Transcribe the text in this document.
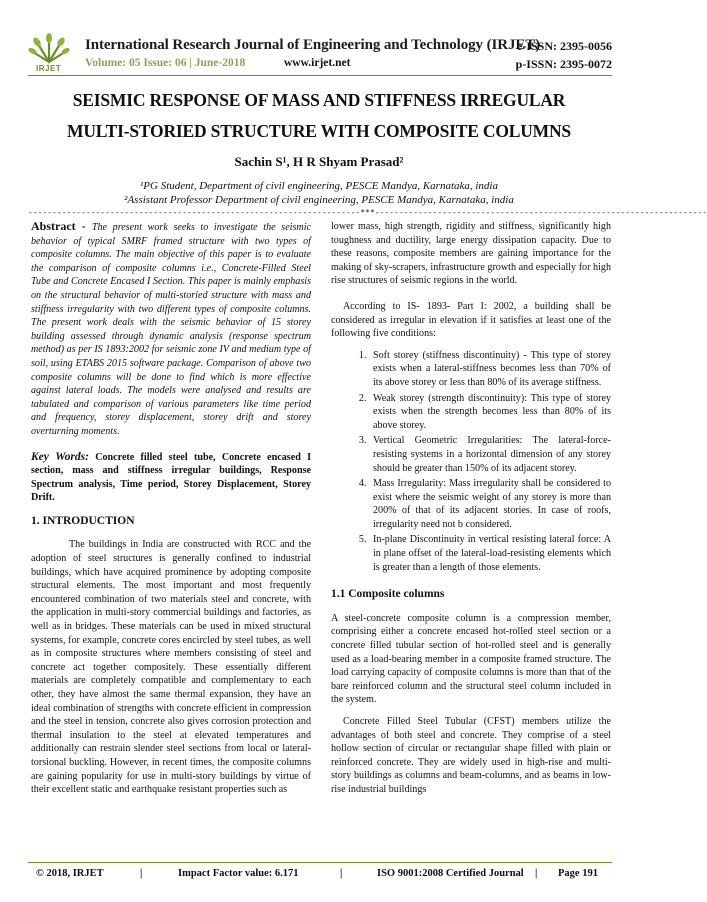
IRJET
International Research Journal of Engineering and Technology (IRJET)
e-ISSN: 2395-0056
Volume: 05 Issue: 06 | June-2018	www.irjet.net	p-ISSN: 2395-0072
SEISMIC RESPONSE OF MASS AND STIFFNESS IRREGULAR
MULTI-STORIED STRUCTURE WITH COMPOSITE COLUMNS
Sachin S¹, H R Shyam Prasad²
¹PG Student, Department of civil engineering, PESCE Mandya, Karnataka, india
²Assistant Professor Department of civil engineering, PESCE Mandya, Karnataka, india
---------------------------------------------------------------------***---------------------------------------------------------------------

Abstract - The present work seeks to investigate the seismic behavior of typical SMRF framed structure with two types of composite columns. The main objective of this paper is to evaluate the comparison of composite columns i.e., Concrete-Filled Steel Tube and Concrete Encased I Section. This paper is mainly emphasis on the structural behavior of multi-storied structure with mass and stiffness irregularity with two different types of composite columns. The present work deals with the seismic behavior of 15 storey building assessed through dynamic analysis (response spectrum method) as per IS 1893:2002 for seismic zone IV and medium type of soil, using ETABS 2015 software package. Comparison of above two composite columns will be done to find which is more effective against lateral loads. The models were analysed and results are tabulated and comparison of various parameters like time period and frequency, storey displacement, storey drift and storey overturning moments.

Key Words: Concrete filled steel tube, Concrete encased I section, mass and stiffness irregular buildings, Response Spectrum analysis, Time period, Storey Displacement, Storey Drift.

1. INTRODUCTION

The buildings in India are constructed with RCC and the adoption of steel structures is generally confined to industrial buildings, which have acquired prominence by adopting composite structural elements. The most important and most frequently encountered combination of two materials steel and concrete, with the application in multi-story commercial buildings and factories, as well as in bridges. These materials can be used in mixed structural systems, for example, concrete cores encircled by steel tubes, as well as in composite structures where members consisting of steel and concrete act together compositely. These essentially different materials are completely compatible and complementary to each other, they have almost the same thermal expansion, they have an ideal combination of strengths with concrete efficient in compression and the steel in tension, concrete also gives corrosion protection and thermal insulation to the steel at elevated temperatures and additionally can restrain slender steel sections from local or lateral-torsional buckling. However, in recent times, the composite columns are gaining popularity for use in multi-story buildings by virtue of their excellent static and earthquake resistant properties such as

lower mass, high strength, rigidity and stiffness, significantly high toughness and ductility, large energy dissipation capacity. Due to these reasons, composite members are gaining importance for the making of sky-scrapers, infrastructure growth and especially for high rise structures of seismic regions in the world.

According to IS- 1893- Part I: 2002, a building shall be considered as irregular in elevation if it satisfies at least one of the following five conditions:

1. Soft storey (stiffness discontinuity) - This type of storey exists when a lateral-stiffness becomes less than 70% of its above storey or less than 80% of its average stiffness.
2. Weak storey (strength discontinuity): This type of storey exists when the strength becomes less than 80% of its above storey.
3. Vertical Geometric Irregularities: The lateral-force-resisting systems in a horizontal dimension of any storey should be greater than 150% of its adjacent storey.
4. Mass Irregularity: Mass irregularity shall be considered to exist where the seismic weight of any storey is more than 200% of that of its adjacent stories. In case of roofs, irregularity need not b considered.
5. In-plane Discontinuity in vertical resisting lateral force: A in plane offset of the lateral-load-resisting elements which is greater than a length of those elements.
1.1 Composite columns

A steel-concrete composite column is a compression member, comprising either a concrete encased hot-rolled steel section or a concrete filled tubular section of hot-rolled steel and is generally used as a load-bearing member in a composite framed structure. The load carrying capacity of composite columns is more than that of the bare reinforced column and the structural steel column included in the system.

Concrete Filled Steel Tubular (CFST) members utilize the advantages of both steel and concrete. They comprise of a steel hollow section of circular or rectangular shape filled with plain or reinforced concrete. They are widely used in high-rise and multi-story buildings as columns and beam-columns, and as beams in low-rise industrial buildings

© 2018, IRJET	|	Impact Factor value: 6.171	|	ISO 9001:2008 Certified Journal | Page 191
